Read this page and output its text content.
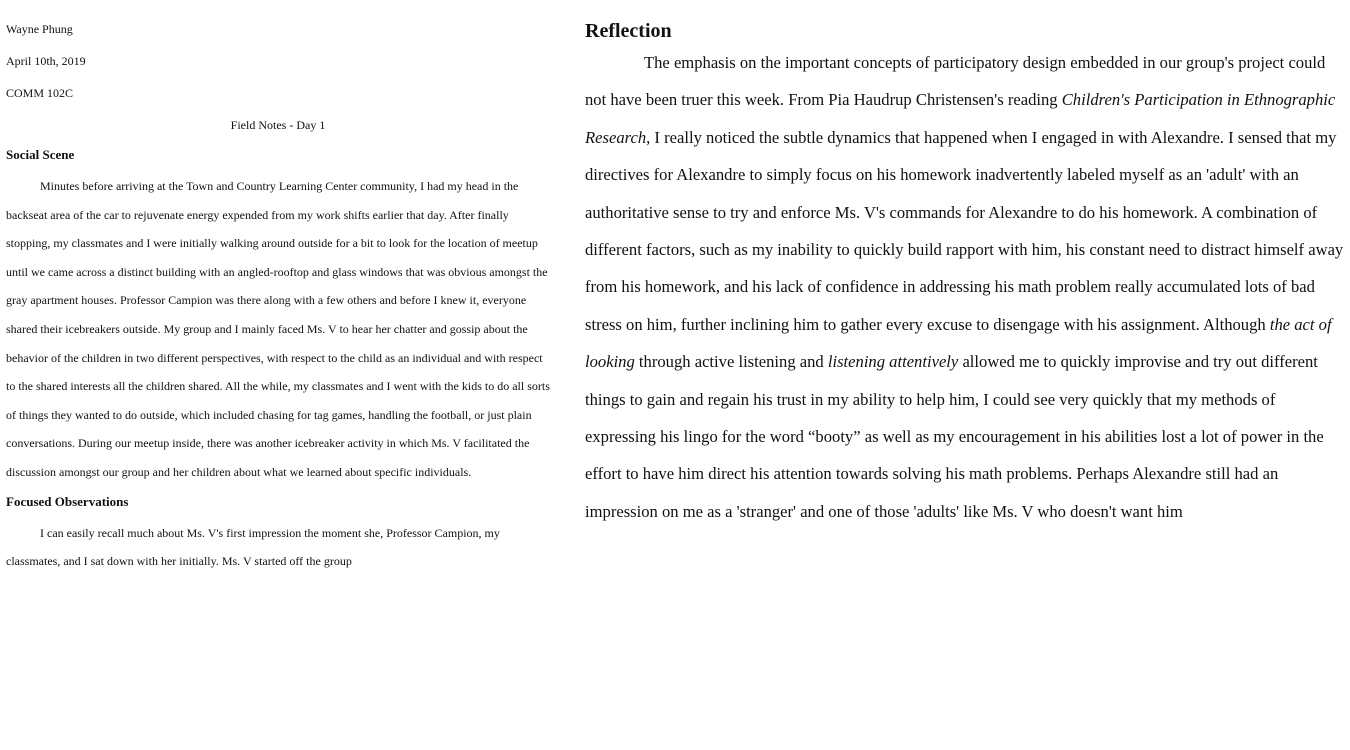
Wayne Phung
April 10th, 2019
COMM 102C
Field Notes - Day 1
Social Scene

Minutes before arriving at the Town and Country Learning Center community, I had my head in the backseat area of the car to rejuvenate energy expended from my work shifts earlier that day. After finally stopping, my classmates and I were initially walking around outside for a bit to look for the location of meetup until we came across a distinct building with an angled-rooftop and glass windows that was obvious amongst the gray apartment houses. Professor Campion was there along with a few others and before I knew it, everyone shared their icebreakers outside. My group and I mainly faced Ms. V to hear her chatter and gossip about the behavior of the children in two different perspectives, with respect to the child as an individual and with respect to the shared interests all the children shared. All the while, my classmates and I went with the kids to do all sorts of things they wanted to do outside, which included chasing for tag games, handling the football, or just plain conversations. During our meetup inside, there was another icebreaker activity in which Ms. V facilitated the discussion amongst our group and her children about what we learned about specific individuals.

Focused Observations

I can easily recall much about Ms. V's first impression the moment she, Professor Campion, my classmates, and I sat down with her initially. Ms. V started off the group

Reflection

The emphasis on the important concepts of participatory design embedded in our group's project could not have been truer this week. From Pia Haudrup Christensen's reading Children's Participation in Ethnographic Research, I really noticed the subtle dynamics that happened when I engaged in with Alexandre. I sensed that my directives for Alexandre to simply focus on his homework inadvertently labeled myself as an 'adult' with an authoritative sense to try and enforce Ms. V's commands for Alexandre to do his homework. A combination of different factors, such as my inability to quickly build rapport with him, his constant need to distract himself away from his homework, and his lack of confidence in addressing his math problem really accumulated lots of bad stress on him, further inclining him to gather every excuse to disengage with his assignment. Although the act of looking through active listening and listening attentively allowed me to quickly improvise and try out different things to gain and regain his trust in my ability to help him, I could see very quickly that my methods of expressing his lingo for the word “booty” as well as my encouragement in his abilities lost a lot of power in the effort to have him direct his attention towards solving his math problems. Perhaps Alexandre still had an impression on me as a 'stranger' and one of those 'adults' like Ms. V who doesn't want him
